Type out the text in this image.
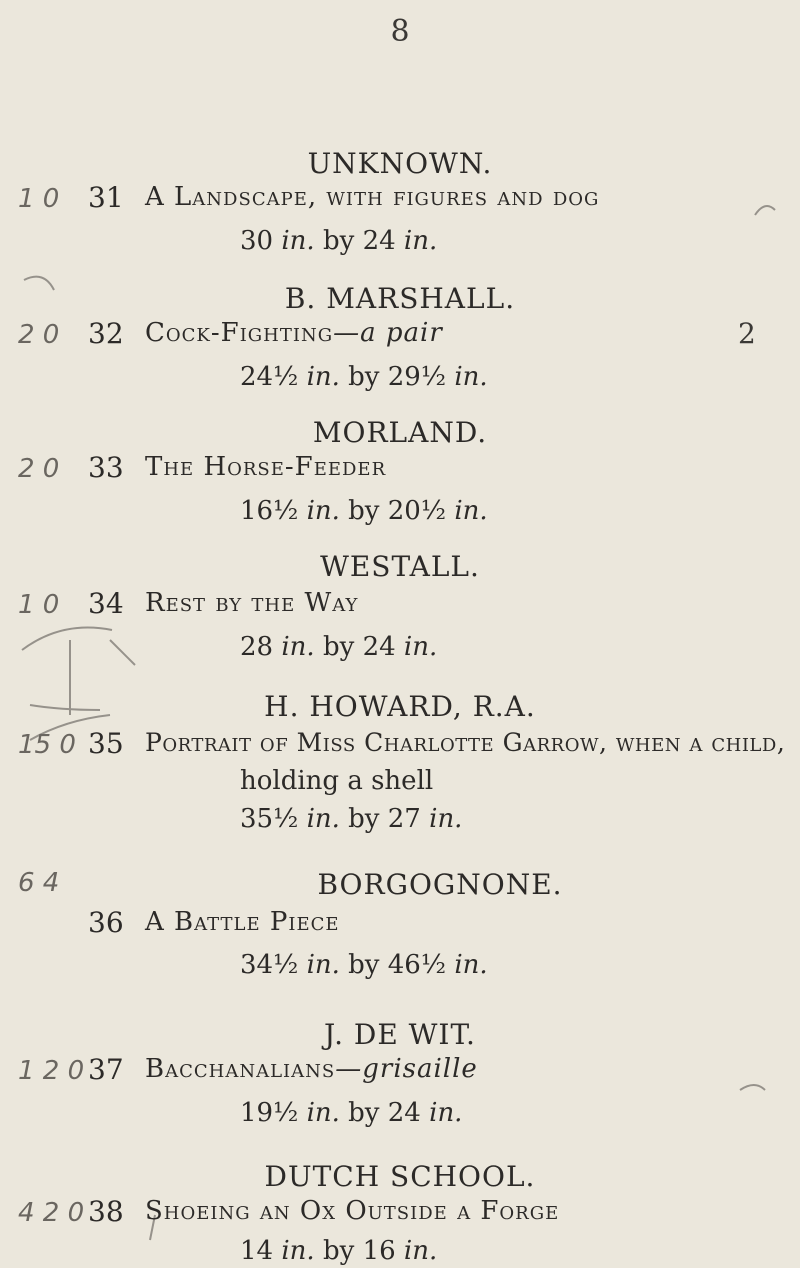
8
UNKNOWN.
1 0 31 A Landscape, with figures and dog
30 in. by 24 in.
B. MARSHALL.
2 0 32 Cock-Fighting—a pair	2
24½ in. by 29½ in.
MORLAND.
2 0 33 The Horse-Feeder
16½ in. by 20½ in.
WESTALL.
1 0 34 Rest by the Way
28 in. by 24 in.
H. HOWARD, R.A.
15 0 35 Portrait of Miss Charlotte Garrow, when a child,
holding a shell
35½ in. by 27 in.
BORGOGNONE.
6 4
36 A Battle Piece
34½ in. by 46½ in.
J. DE WIT.
1 2 0 37 Bacchanalians—grisaille
19½ in. by 24 in.
DUTCH SCHOOL.
4 2 0 38 Shoeing an Ox Outside a Forge
14 in. by 16 in.
